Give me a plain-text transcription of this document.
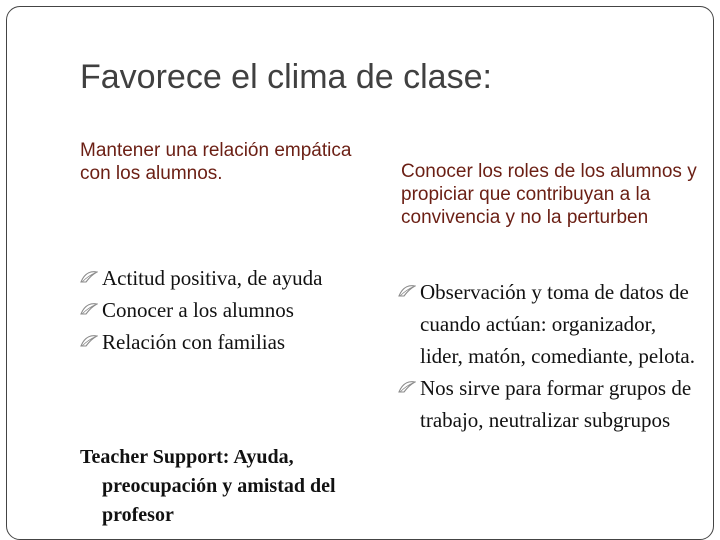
Favorece el clima de clase:

Mantener una relación empática con los alumnos.

Actitud positiva, de ayuda
Conocer a los alumnos
Relación con familias

Teacher Support: Ayuda, preocupación y amistad del profesor

Conocer los roles de los alumnos y propiciar que contribuyan a la convivencia y no la perturben

Observación y toma de datos de cuando actúan: organizador, lider, matón, comediante, pelota.
Nos sirve para formar grupos de trabajo, neutralizar subgrupos
